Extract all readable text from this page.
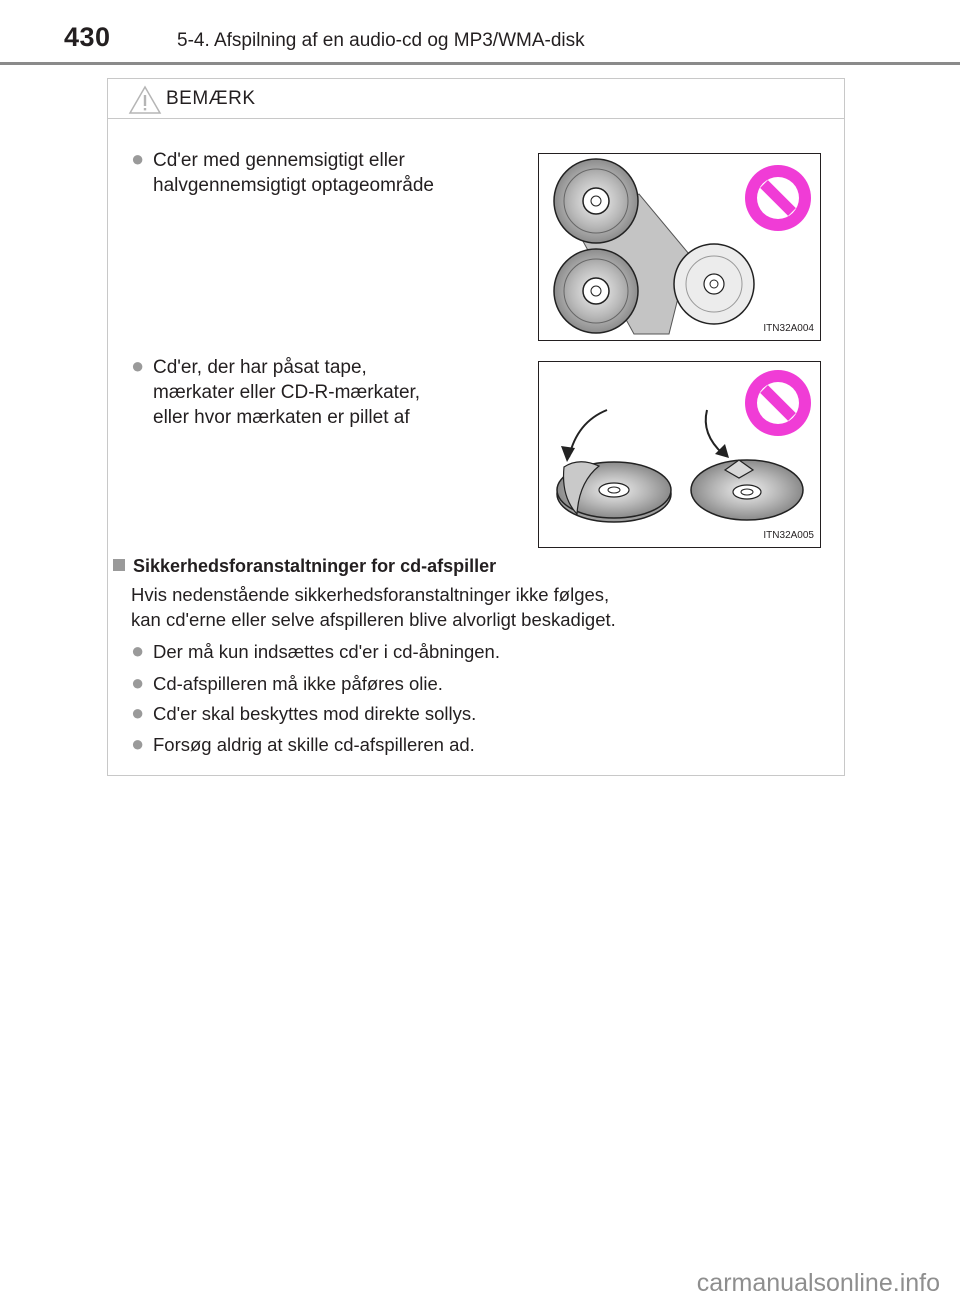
430	5-4. Afspilning af en audio-cd og MP3/WMA-disk
BEMÆRK
● Cd'er med gennemsigtigt eller
halvgennemsigtigt optageområde
ITN32A004
● Cd'er, der har påsat tape,
mærkater eller CD-R-mærkater,
eller hvor mærkaten er pillet af
ITN32A005
Sikkerhedsforanstaltninger for cd-afspiller
Hvis nedenstående sikkerhedsforanstaltninger ikke følges,
kan cd'erne eller selve afspilleren blive alvorligt beskadiget.
● Der må kun indsættes cd'er i cd-åbningen.
● Cd-afspilleren må ikke påføres olie.
● Cd'er skal beskyttes mod direkte sollys.
● Forsøg aldrig at skille cd-afspilleren ad.
carmanualsonline.info
